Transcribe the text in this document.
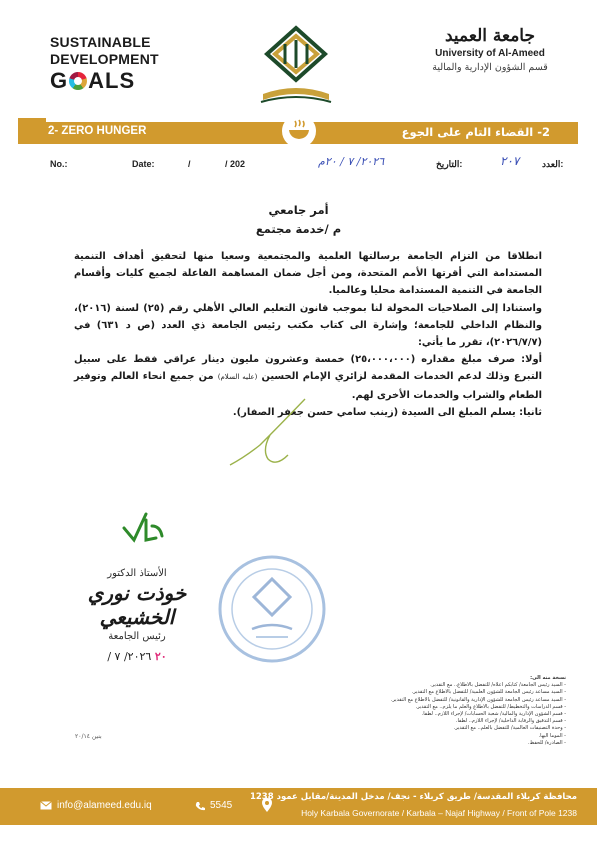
SUSTAINABLE
DEVELOPMENT
G ALS
جامعة العميد
University of Al-Ameed
قسم الشؤون الإدارية والمالية
2- ZERO HUNGER	2- القضاء التام على الجوع
No.:	Date:	/	/ 202	٢٠٢٦/ ٧ / ٢٠م	التاريخ:	٢٠٧	العدد:
أمر جامعي
م /خدمة مجتمع

انطلاقا من التزام الجامعة برسالتها العلمية والمجتمعية وسعيا منها لتحقيق أهداف التنمية المستدامة التي أقرتها الأمم المتحدة، ومن أجل ضمان المساهمة الفاعلة لجميع كليات وأقسام الجامعة في التنمية المستدامة محليا وعالميا.

واستنادا إلى الصلاحيات المخولة لنا بموجب قانون التعليم العالي الأهلي رقم (٢٥) لسنة (٢٠١٦)، والنظام الداخلي للجامعة؛ وإشارة الى كتاب مكتب رئيس الجامعة ذي العدد (ص د ٦٣١) في (٢٠٢٦/٧/٧)، تقرر ما يأتي:

أولا: صرف مبلغ مقداره (٢٥،٠٠٠،٠٠٠) خمسة وعشرون مليون دينار عراقي فقط على سبيل التبرع وذلك لدعم الخدمات المقدمة لزائري الإمام الحسين (عليه السلام) من جميع انحاء العالم وتوفير الطعام والشراب والخدمات الأخرى لهم.

ثانيا: يسلم المبلغ الى السيدة (زينب سامي حسن جعفر الصفار).

الأستاذ الدكتور
خوذت نوري الخشيعي
رئيس الجامعة
٢٠ ٢٠٢٦/ ٧ /
بنين ٢٠/١٤
نسخة منه الى:
- السيد رئيس الجامعة/ كتابكم اعلاه/ للتفضل بالاطلاع.. مع التقدير.
- السيد مساعد رئيس الجامعة للشؤون العلمية/ للتفضل بالاطلاع مع التقدير.
- السيد مساعد رئيس الجامعة للشؤون الإدارية والقانونية/ للتفضل بالاطلاع مع التقدير.
- قسم الدراسات والتخطيط/ للتفضل بالاطلاع والعلم ما يلزم.. مع التقدير.
- قسم الشؤون الإدارية والمالية/ شعبة الحسابات/ لإجراء اللازم.. لطفا.
- قسم التدقيق والرقابة الداخلية/ لإجراء اللازم.. لطفا.
- وحدة التصنيفات العالمية/ للتفضل بالعلم.. مع التقدير.
- الموما اليها.
- الصادرة/ للحفظ.
info@alameed.edu.iq	5545
محافظة كربلاء المقدسة/ طريق كربلاء - نجف/ مدخل المدينة/مقابل عمود 1238
Holy Karbala Governorate / Karbala – Najaf Highway / Front of Pole 1238
